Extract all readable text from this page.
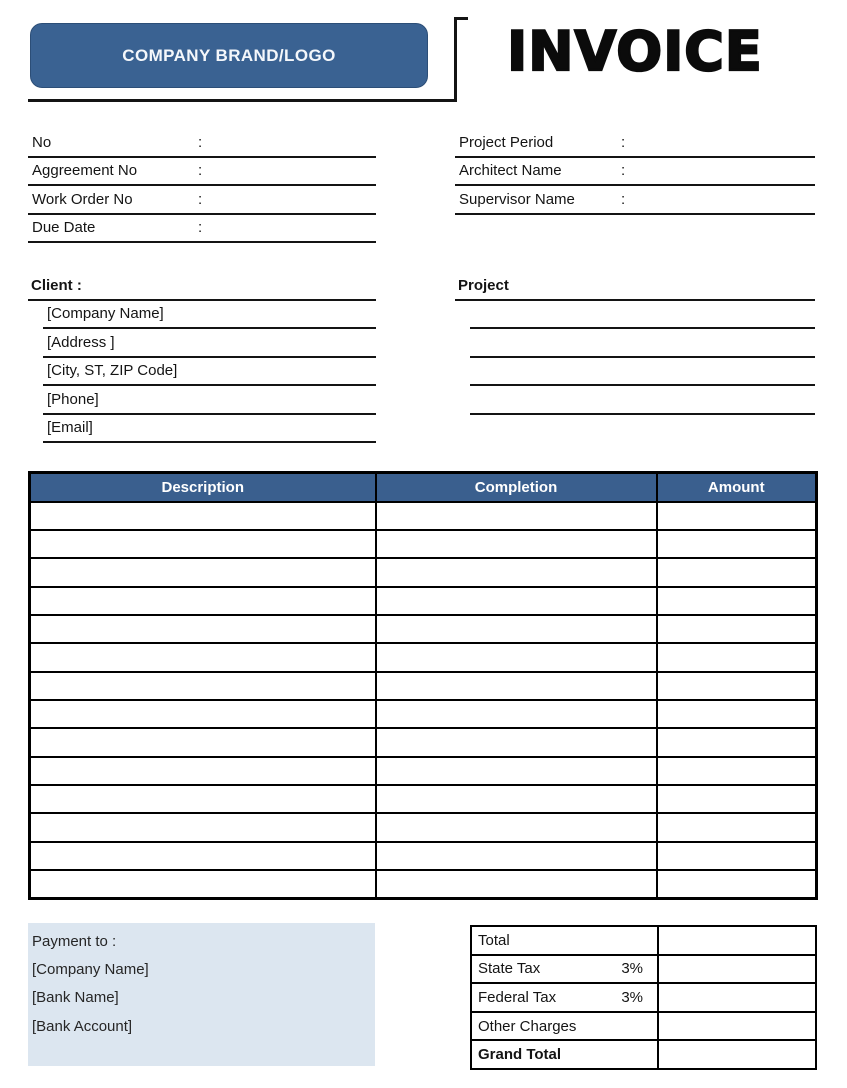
COMPANY BRAND/LOGO	INVOICE
No	:
Aggreement No	:
Work Order No	:
Due Date	:
Project Period	:
Architect Name	:
Supervisor Name	:
Client :
[Company Name]
[Address ]
[City, ST, ZIP Code]
[Phone]
[Email]
Project
Description	Completion	Amount

Payment to :
[Company Name]
[Bank Name]
[Bank Account]
Total	

State Tax 3%	

Federal Tax 3%	

Other Charges	

Grand Total	
